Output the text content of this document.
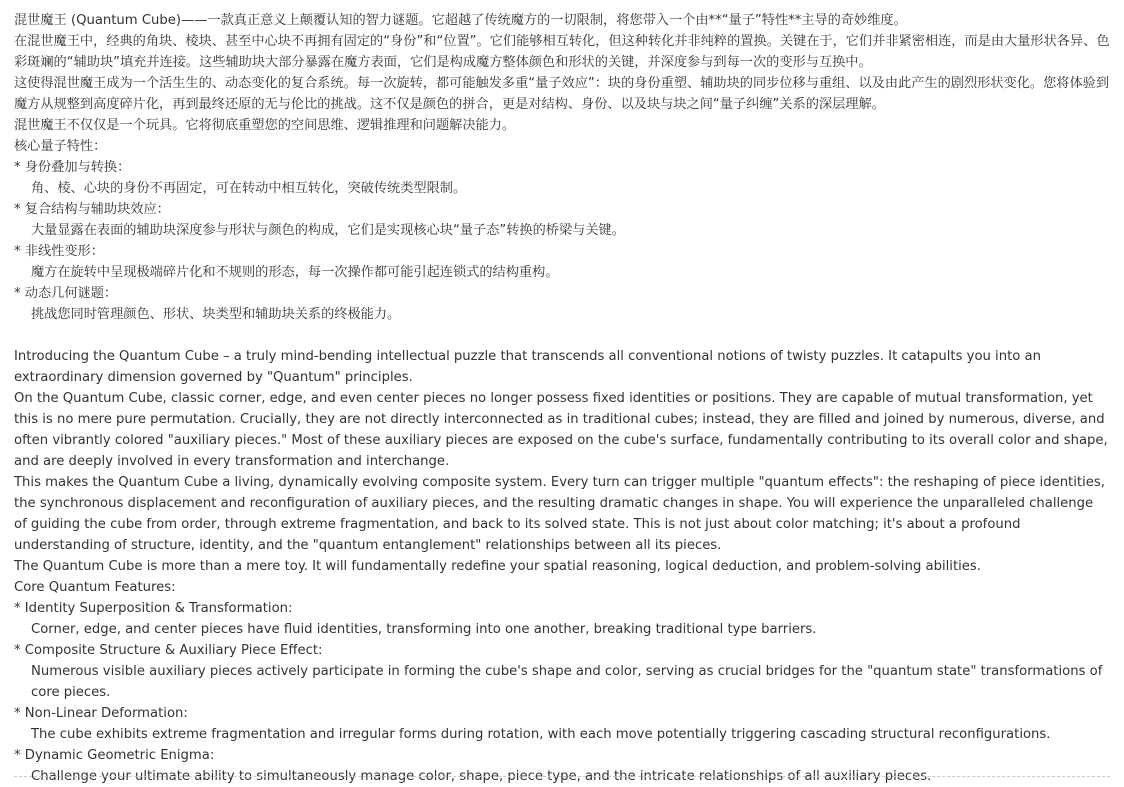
混世魔王 (Quantum Cube)——一款真正意义上颠覆认知的智力谜题。它超越了传统魔方的一切限制，将您带入一个由**“量子”特性**主导的奇妙维度。
在混世魔王中，经典的角块、棱块、甚至中心块不再拥有固定的“身份”和“位置”。它们能够相互转化，但这种转化并非纯粹的置换。关键在于，它们并非紧密相连，而是由大量形状各异、色彩斑斓的“辅助块”填充并连接。这些辅助块大部分暴露在魔方表面，它们是构成魔方整体颜色和形状的关键，并深度参与到每一次的变形与互换中。
这使得混世魔王成为一个活生生的、动态变化的复合系统。每一次旋转，都可能触发多重“量子效应”：块的身份重塑、辅助块的同步位移与重组、以及由此产生的剧烈形状变化。您将体验到魔方从规整到高度碎片化，再到最终还原的无与伦比的挑战。这不仅是颜色的拼合，更是对结构、身份、以及块与块之间“量子纠缠”关系的深层理解。
混世魔王不仅仅是一个玩具。它将彻底重塑您的空间思维、逻辑推理和问题解决能力。
核心量子特性：
* 身份叠加与转换：
角、棱、心块的身份不再固定，可在转动中相互转化，突破传统类型限制。
* 复合结构与辅助块效应：
大量显露在表面的辅助块深度参与形状与颜色的构成，它们是实现核心块“量子态”转换的桥梁与关键。
* 非线性变形：
魔方在旋转中呈现极端碎片化和不规则的形态，每一次操作都可能引起连锁式的结构重构。
* 动态几何谜题：
挑战您同时管理颜色、形状、块类型和辅助块关系的终极能力。
Introducing the Quantum Cube – a truly mind-bending intellectual puzzle that transcends all conventional notions of twisty puzzles. It catapults you into an extraordinary dimension governed by "Quantum" principles.
On the Quantum Cube, classic corner, edge, and even center pieces no longer possess fixed identities or positions. They are capable of mutual transformation, yet this is no mere pure permutation. Crucially, they are not directly interconnected as in traditional cubes; instead, they are filled and joined by numerous, diverse, and often vibrantly colored "auxiliary pieces." Most of these auxiliary pieces are exposed on the cube's surface, fundamentally contributing to its overall color and shape, and are deeply involved in every transformation and interchange.
This makes the Quantum Cube a living, dynamically evolving composite system. Every turn can trigger multiple "quantum effects": the reshaping of piece identities, the synchronous displacement and reconfiguration of auxiliary pieces, and the resulting dramatic changes in shape. You will experience the unparalleled challenge of guiding the cube from order, through extreme fragmentation, and back to its solved state. This is not just about color matching; it's about a profound understanding of structure, identity, and the "quantum entanglement" relationships between all its pieces.
The Quantum Cube is more than a mere toy. It will fundamentally redefine your spatial reasoning, logical deduction, and problem-solving abilities.
Core Quantum Features:
* Identity Superposition & Transformation:
Corner, edge, and center pieces have fluid identities, transforming into one another, breaking traditional type barriers.
* Composite Structure & Auxiliary Piece Effect:
Numerous visible auxiliary pieces actively participate in forming the cube's shape and color, serving as crucial bridges for the "quantum state" transformations of core pieces.
* Non-Linear Deformation:
The cube exhibits extreme fragmentation and irregular forms during rotation, with each move potentially triggering cascading structural reconfigurations.
* Dynamic Geometric Enigma:
Challenge your ultimate ability to simultaneously manage color, shape, piece type, and the intricate relationships of all auxiliary pieces.
